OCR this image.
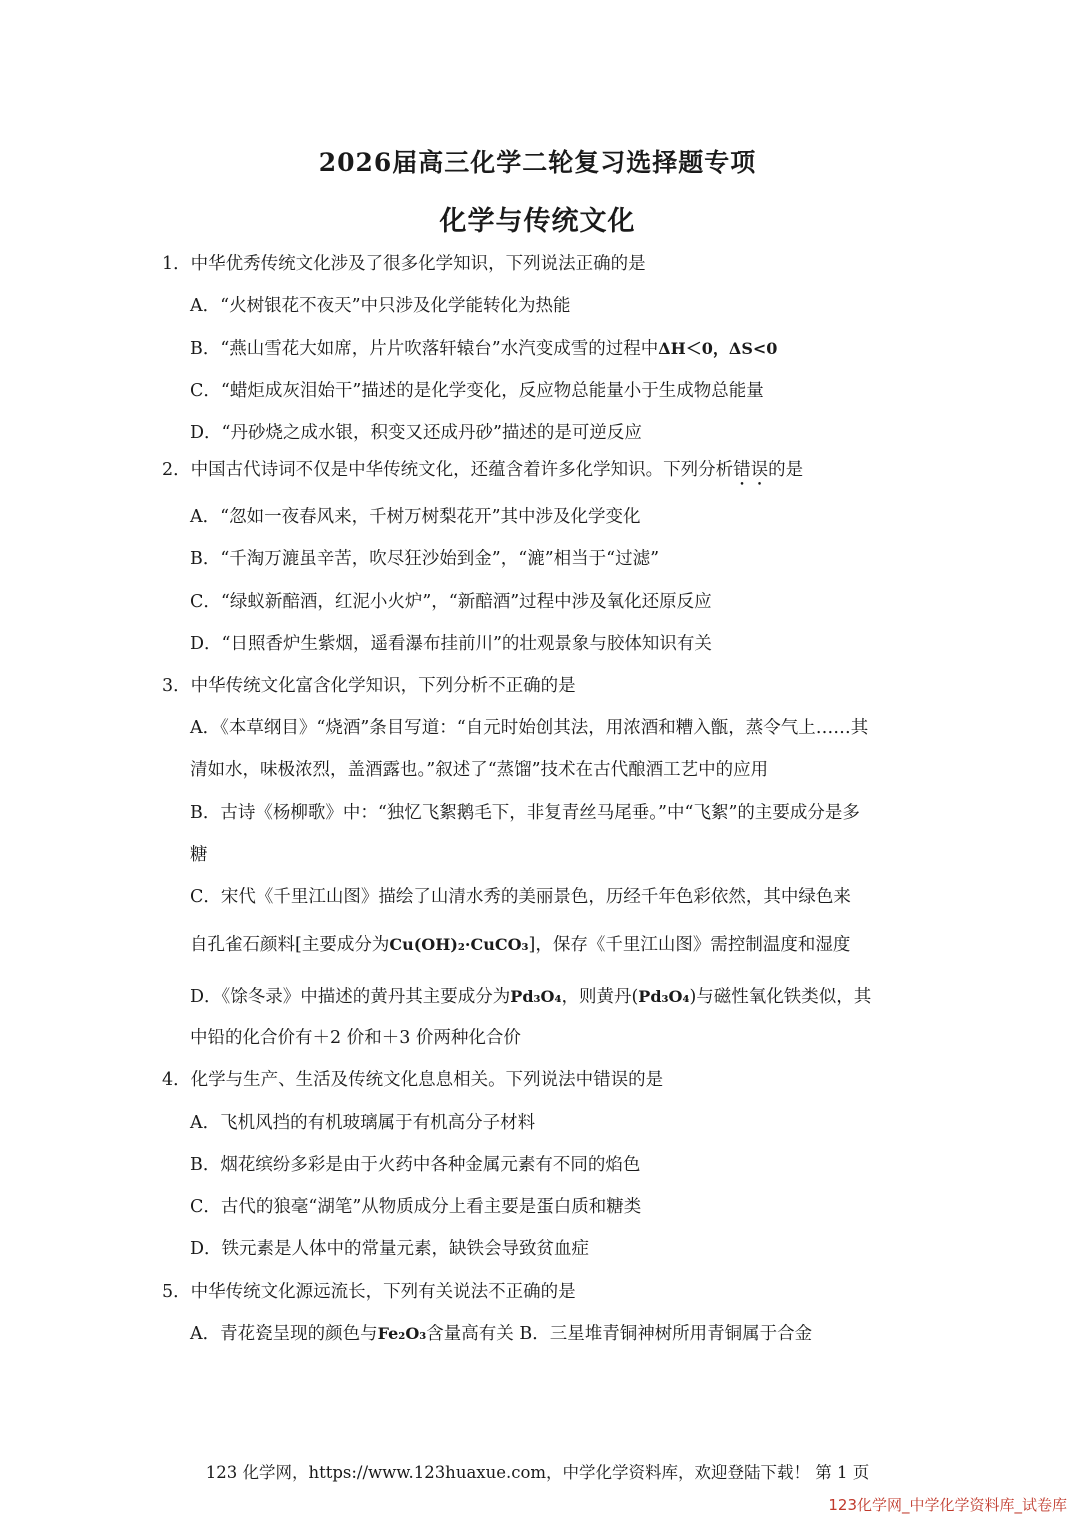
2026届高三化学二轮复习选择题专项
化学与传统文化
1．中华优秀传统文化涉及了很多化学知识，下列说法正确的是
A．“火树银花不夜天”中只涉及化学能转化为热能
B．“燕山雪花大如席，片片吹落轩辕台”水汽变成雪的过程中ΔH＜0，ΔS<0
C．“蜡炬成灰泪始干”描述的是化学变化，反应物总能量小于生成物总能量
D．“丹砂烧之成水银，积变又还成丹砂”描述的是可逆反应
2．中国古代诗词不仅是中华传统文化，还蕴含着许多化学知识。下列分析错误的是
A．“忽如一夜春风来，千树万树梨花开”其中涉及化学变化
B．“千淘万漉虽辛苦，吹尽狂沙始到金”，“漉”相当于“过滤”
C．“绿蚁新醅酒，红泥小火炉”，“新醅酒”过程中涉及氧化还原反应
D．“日照香炉生紫烟，遥看瀑布挂前川”的壮观景象与胶体知识有关
3．中华传统文化富含化学知识，下列分析不正确的是
A．《本草纲目》“烧酒”条目写道：“自元时始创其法，用浓酒和糟入甑，蒸令气上……其
清如水，味极浓烈，盖酒露也。”叙述了“蒸馏”技术在古代酿酒工艺中的应用
B．古诗《杨柳歌》中：“独忆飞絮鹅毛下，非复青丝马尾垂。”中“飞絮”的主要成分是多
糖
C．宋代《千里江山图》描绘了山清水秀的美丽景色，历经千年色彩依然，其中绿色来
自孔雀石颜料[主要成分为Cu(OH)₂·CuCO₃]，保存《千里江山图》需控制温度和湿度
D．《馀冬录》中描述的黄丹其主要成分为Pd₃O₄，则黄丹(Pd₃O₄)与磁性氧化铁类似，其
中铅的化合价有＋2 价和＋3 价两种化合价
4．化学与生产、生活及传统文化息息相关。下列说法中错误的是
A．飞机风挡的有机玻璃属于有机高分子材料
B．烟花缤纷多彩是由于火药中各种金属元素有不同的焰色
C．古代的狼毫“湖笔”从物质成分上看主要是蛋白质和糖类
D．铁元素是人体中的常量元素，缺铁会导致贫血症
5．中华传统文化源远流长，下列有关说法不正确的是
A．青花瓷呈现的颜色与Fe₂O₃含量高有关 B．三星堆青铜神树所用青铜属于合金
123 化学网，https://www.123huaxue.com，中学化学资料库，欢迎登陆下载！ 第 1 页
123化学网_中学化学资料库_试卷库
